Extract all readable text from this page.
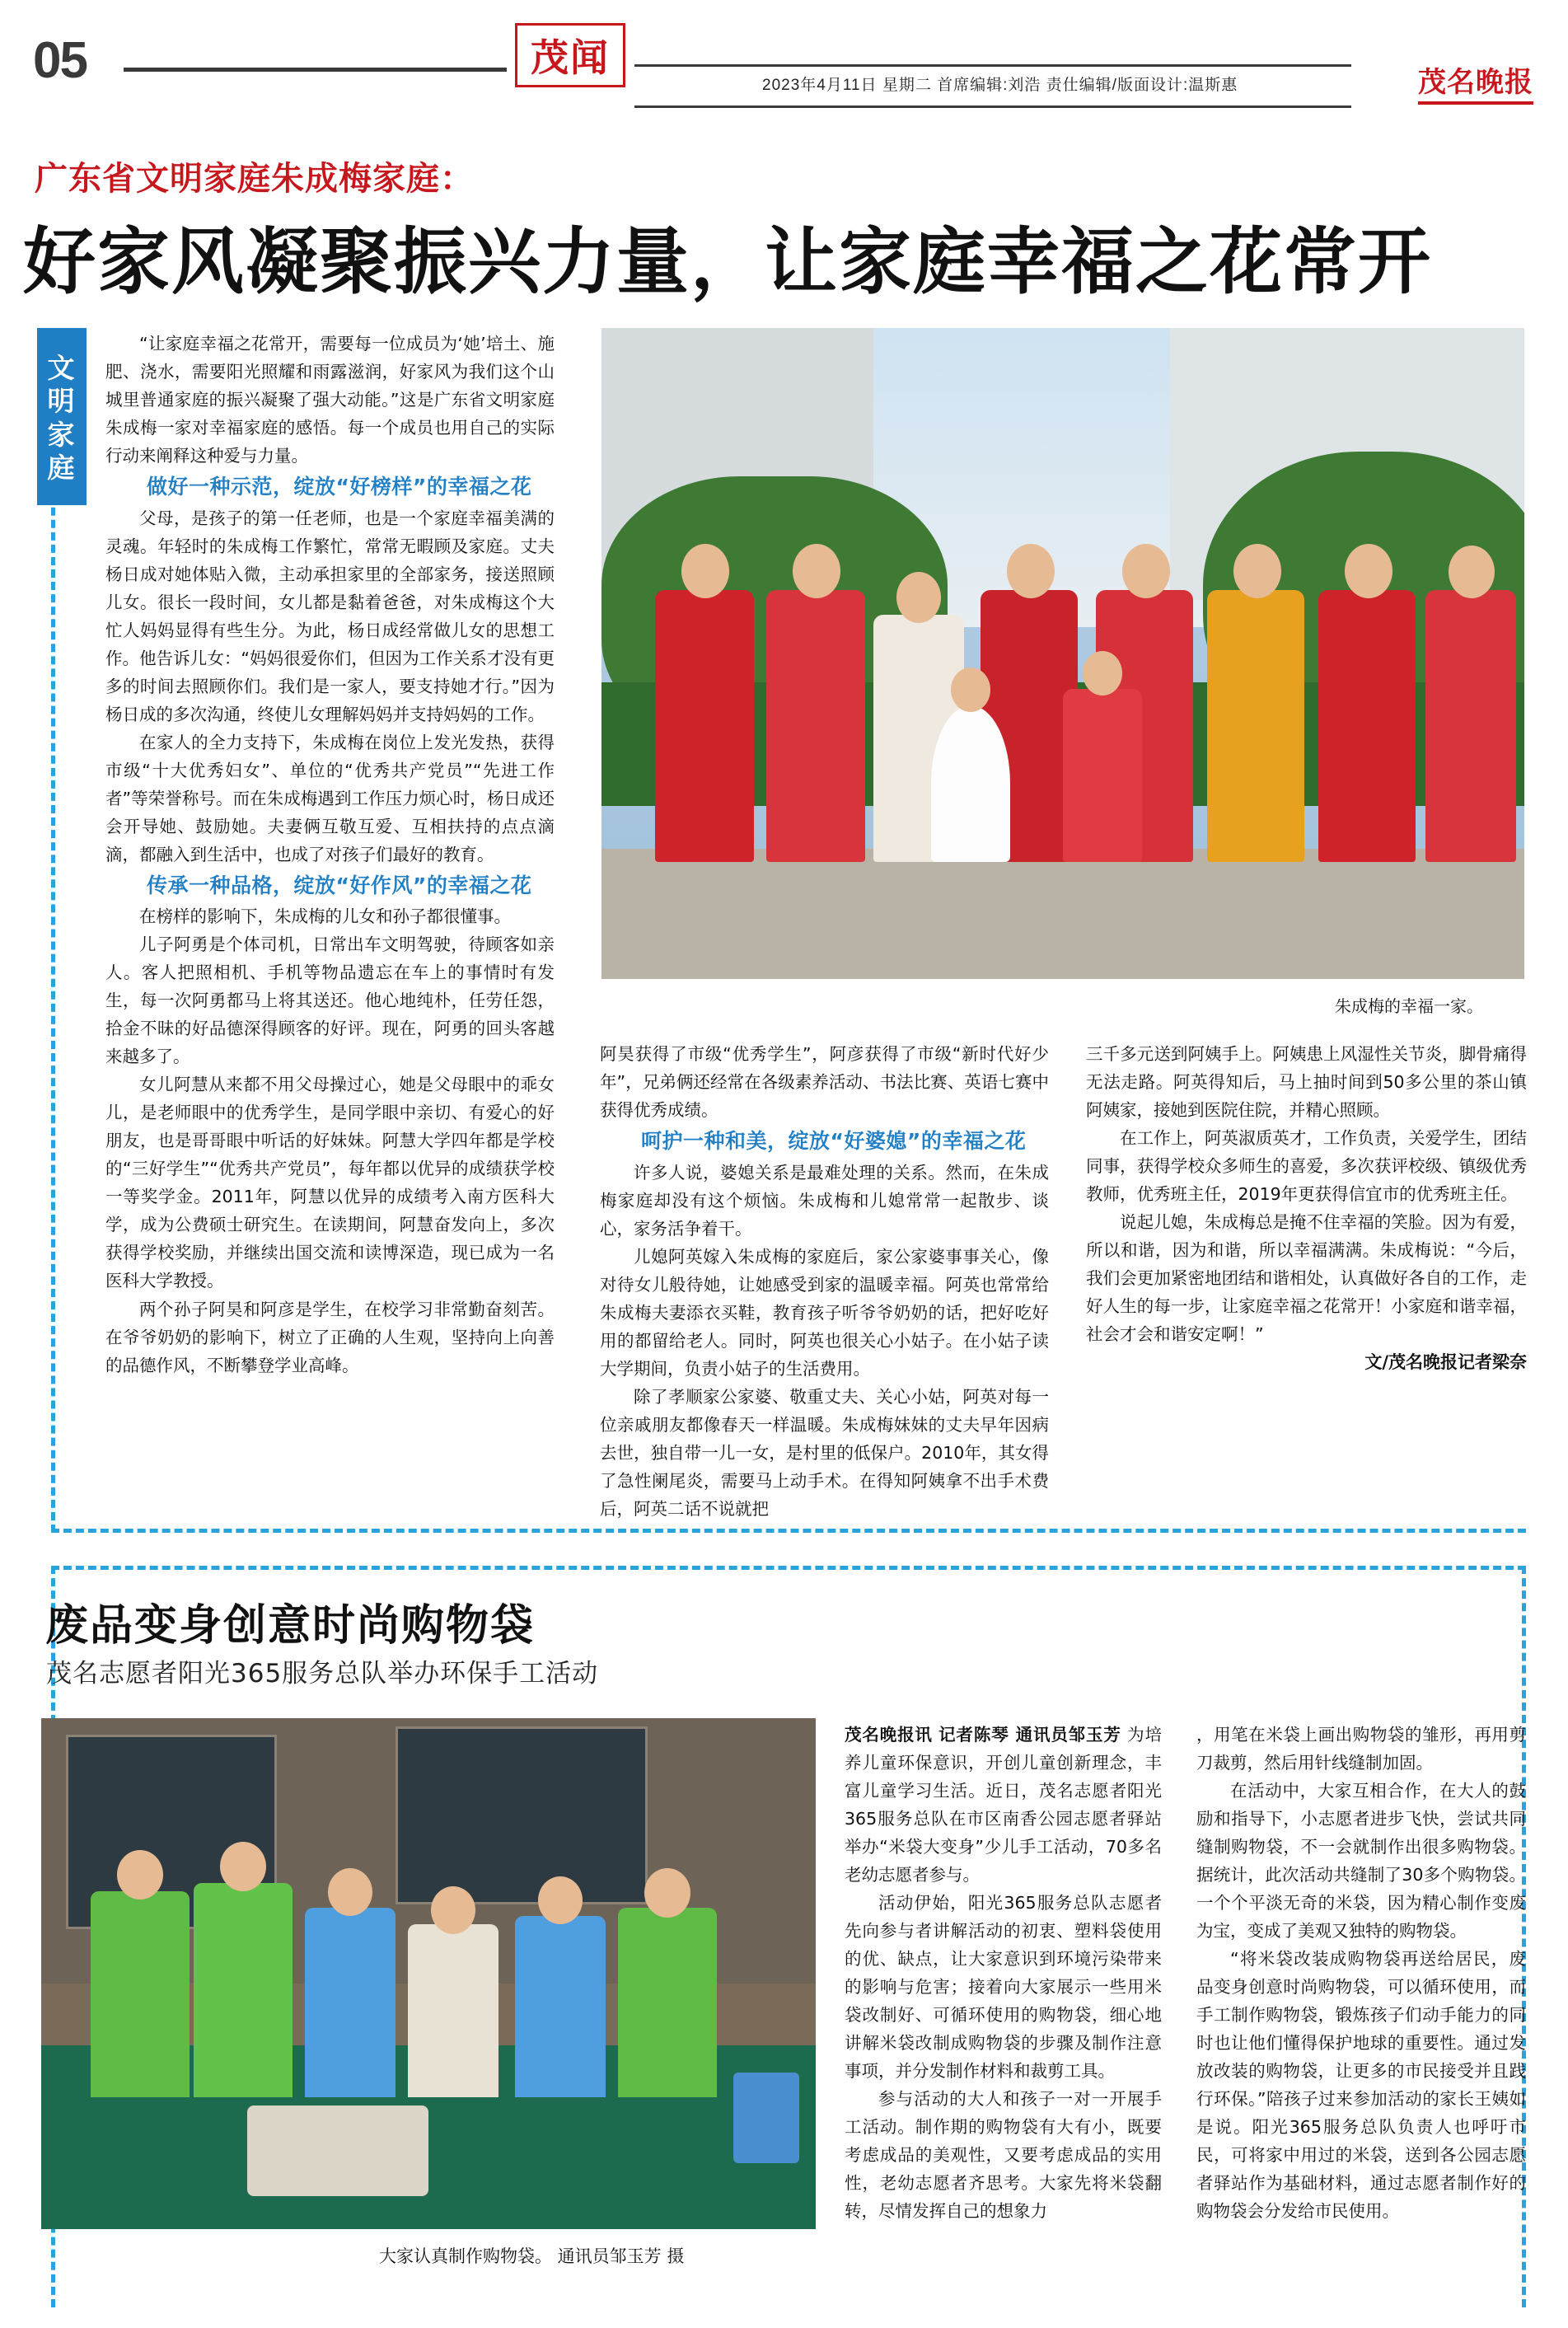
05	茂闻
2023年4月11日 星期二 首席编辑:刘浩 责仕编辑/版面设计:温斯惠	茂名晚报
广东省文明家庭朱成梅家庭：
好家风凝聚振兴力量，让家庭幸福之花常开
文明家庭
朱成梅的幸福一家。

“让家庭幸福之花常开，需要每一位成员为‘她’培土、施肥、浇水，需要阳光照耀和雨露滋润，好家风为我们这个山城里普通家庭的振兴凝聚了强大动能。”这是广东省文明家庭朱成梅一家对幸福家庭的感悟。每一个成员也用自己的实际行动来阐释这种爱与力量。

做好一种示范，绽放“好榜样”的幸福之花

父母，是孩子的第一任老师，也是一个家庭幸福美满的灵魂。年轻时的朱成梅工作繁忙，常常无暇顾及家庭。丈夫杨日成对她体贴入微，主动承担家里的全部家务，接送照顾儿女。很长一段时间，女儿都是黏着爸爸，对朱成梅这个大忙人妈妈显得有些生分。为此，杨日成经常做儿女的思想工作。他告诉儿女：“妈妈很爱你们，但因为工作关系才没有更多的时间去照顾你们。我们是一家人，要支持她才行。”因为杨日成的多次沟通，终使儿女理解妈妈并支持妈妈的工作。

在家人的全力支持下，朱成梅在岗位上发光发热，获得市级“十大优秀妇女”、单位的“优秀共产党员”“先进工作者”等荣誉称号。而在朱成梅遇到工作压力烦心时，杨日成还会开导她、鼓励她。夫妻俩互敬互爱、互相扶持的点点滴滴，都融入到生活中，也成了对孩子们最好的教育。

传承一种品格，绽放“好作风”的幸福之花

在榜样的影响下，朱成梅的儿女和孙子都很懂事。

儿子阿勇是个体司机，日常出车文明驾驶，待顾客如亲人。客人把照相机、手机等物品遗忘在车上的事情时有发生，每一次阿勇都马上将其送还。他心地纯朴，任劳任怨，拾金不昧的好品德深得顾客的好评。现在，阿勇的回头客越来越多了。

女儿阿慧从来都不用父母操过心，她是父母眼中的乖女儿，是老师眼中的优秀学生，是同学眼中亲切、有爱心的好朋友，也是哥哥眼中听话的好妹妹。阿慧大学四年都是学校的“三好学生”“优秀共产党员”，每年都以优异的成绩获学校一等奖学金。2011年，阿慧以优异的成绩考入南方医科大学，成为公费硕士研究生。在读期间，阿慧奋发向上，多次获得学校奖励，并继续出国交流和读博深造，现已成为一名医科大学教授。

两个孙子阿昊和阿彦是学生，在校学习非常勤奋刻苦。在爷爷奶奶的影响下，树立了正确的人生观，坚持向上向善的品德作风，不断攀登学业高峰。

阿昊获得了市级“优秀学生”，阿彦获得了市级“新时代好少年”，兄弟俩还经常在各级素养活动、书法比赛、英语七赛中获得优秀成绩。

呵护一种和美，绽放“好婆媳”的幸福之花

许多人说，婆媳关系是最难处理的关系。然而，在朱成梅家庭却没有这个烦恼。朱成梅和儿媳常常一起散步、谈心，家务活争着干。

儿媳阿英嫁入朱成梅的家庭后，家公家婆事事关心，像对待女儿般待她，让她感受到家的温暖幸福。阿英也常常给朱成梅夫妻添衣买鞋，教育孩子听爷爷奶奶的话，把好吃好用的都留给老人。同时，阿英也很关心小姑子。在小姑子读大学期间，负责小姑子的生活费用。

除了孝顺家公家婆、敬重丈夫、关心小姑，阿英对每一位亲戚朋友都像春天一样温暖。朱成梅妹妹的丈夫早年因病去世，独自带一儿一女，是村里的低保户。2010年，其女得了急性阑尾炎，需要马上动手术。在得知阿姨拿不出手术费后，阿英二话不说就把

三千多元送到阿姨手上。阿姨患上风湿性关节炎，脚骨痛得无法走路。阿英得知后，马上抽时间到50多公里的茶山镇阿姨家，接她到医院住院，并精心照顾。

在工作上，阿英淑质英才，工作负责，关爱学生，团结同事，获得学校众多师生的喜爱，多次获评校级、镇级优秀教师，优秀班主任，2019年更获得信宜市的优秀班主任。

说起儿媳，朱成梅总是掩不住幸福的笑脸。因为有爱，所以和谐，因为和谐，所以幸福满满。朱成梅说：“今后，我们会更加紧密地团结和谐相处，认真做好各自的工作，走好人生的每一步，让家庭幸福之花常开！小家庭和谐幸福，社会才会和谐安定啊！”

文/茂名晚报记者梁奈

废品变身创意时尚购物袋
茂名志愿者阳光365服务总队举办环保手工活动
大家认真制作购物袋。 通讯员邹玉芳 摄

茂名晚报讯 记者陈琴 通讯员邹玉芳 为培养儿童环保意识，开创儿童创新理念，丰富儿童学习生活。近日，茂名志愿者阳光365服务总队在市区南香公园志愿者驿站举办“米袋大变身”少儿手工活动，70多名老幼志愿者参与。

活动伊始，阳光365服务总队志愿者先向参与者讲解活动的初衷、塑料袋使用的优、缺点，让大家意识到环境污染带来的影响与危害；接着向大家展示一些用米袋改制好、可循环使用的购物袋，细心地讲解米袋改制成购物袋的步骤及制作注意事项，并分发制作材料和裁剪工具。

参与活动的大人和孩子一对一开展手工活动。制作期的购物袋有大有小，既要考虑成品的美观性，又要考虑成品的实用性，老幼志愿者齐思考。大家先将米袋翻转，尽情发挥自己的想象力

，用笔在米袋上画出购物袋的雏形，再用剪刀裁剪，然后用针线缝制加固。

在活动中，大家互相合作，在大人的鼓励和指导下，小志愿者进步飞快，尝试共同缝制购物袋，不一会就制作出很多购物袋。据统计，此次活动共缝制了30多个购物袋。一个个平淡无奇的米袋，因为精心制作变废为宝，变成了美观又独特的购物袋。

“将米袋改装成购物袋再送给居民，废品变身创意时尚购物袋，可以循环使用，而手工制作购物袋，锻炼孩子们动手能力的同时也让他们懂得保护地球的重要性。通过发放改装的购物袋，让更多的市民接受并且践行环保。”陪孩子过来参加活动的家长王姨如是说。阳光365服务总队负责人也呼吁市民，可将家中用过的米袋，送到各公园志愿者驿站作为基础材料，通过志愿者制作好的购物袋会分发给市民使用。
